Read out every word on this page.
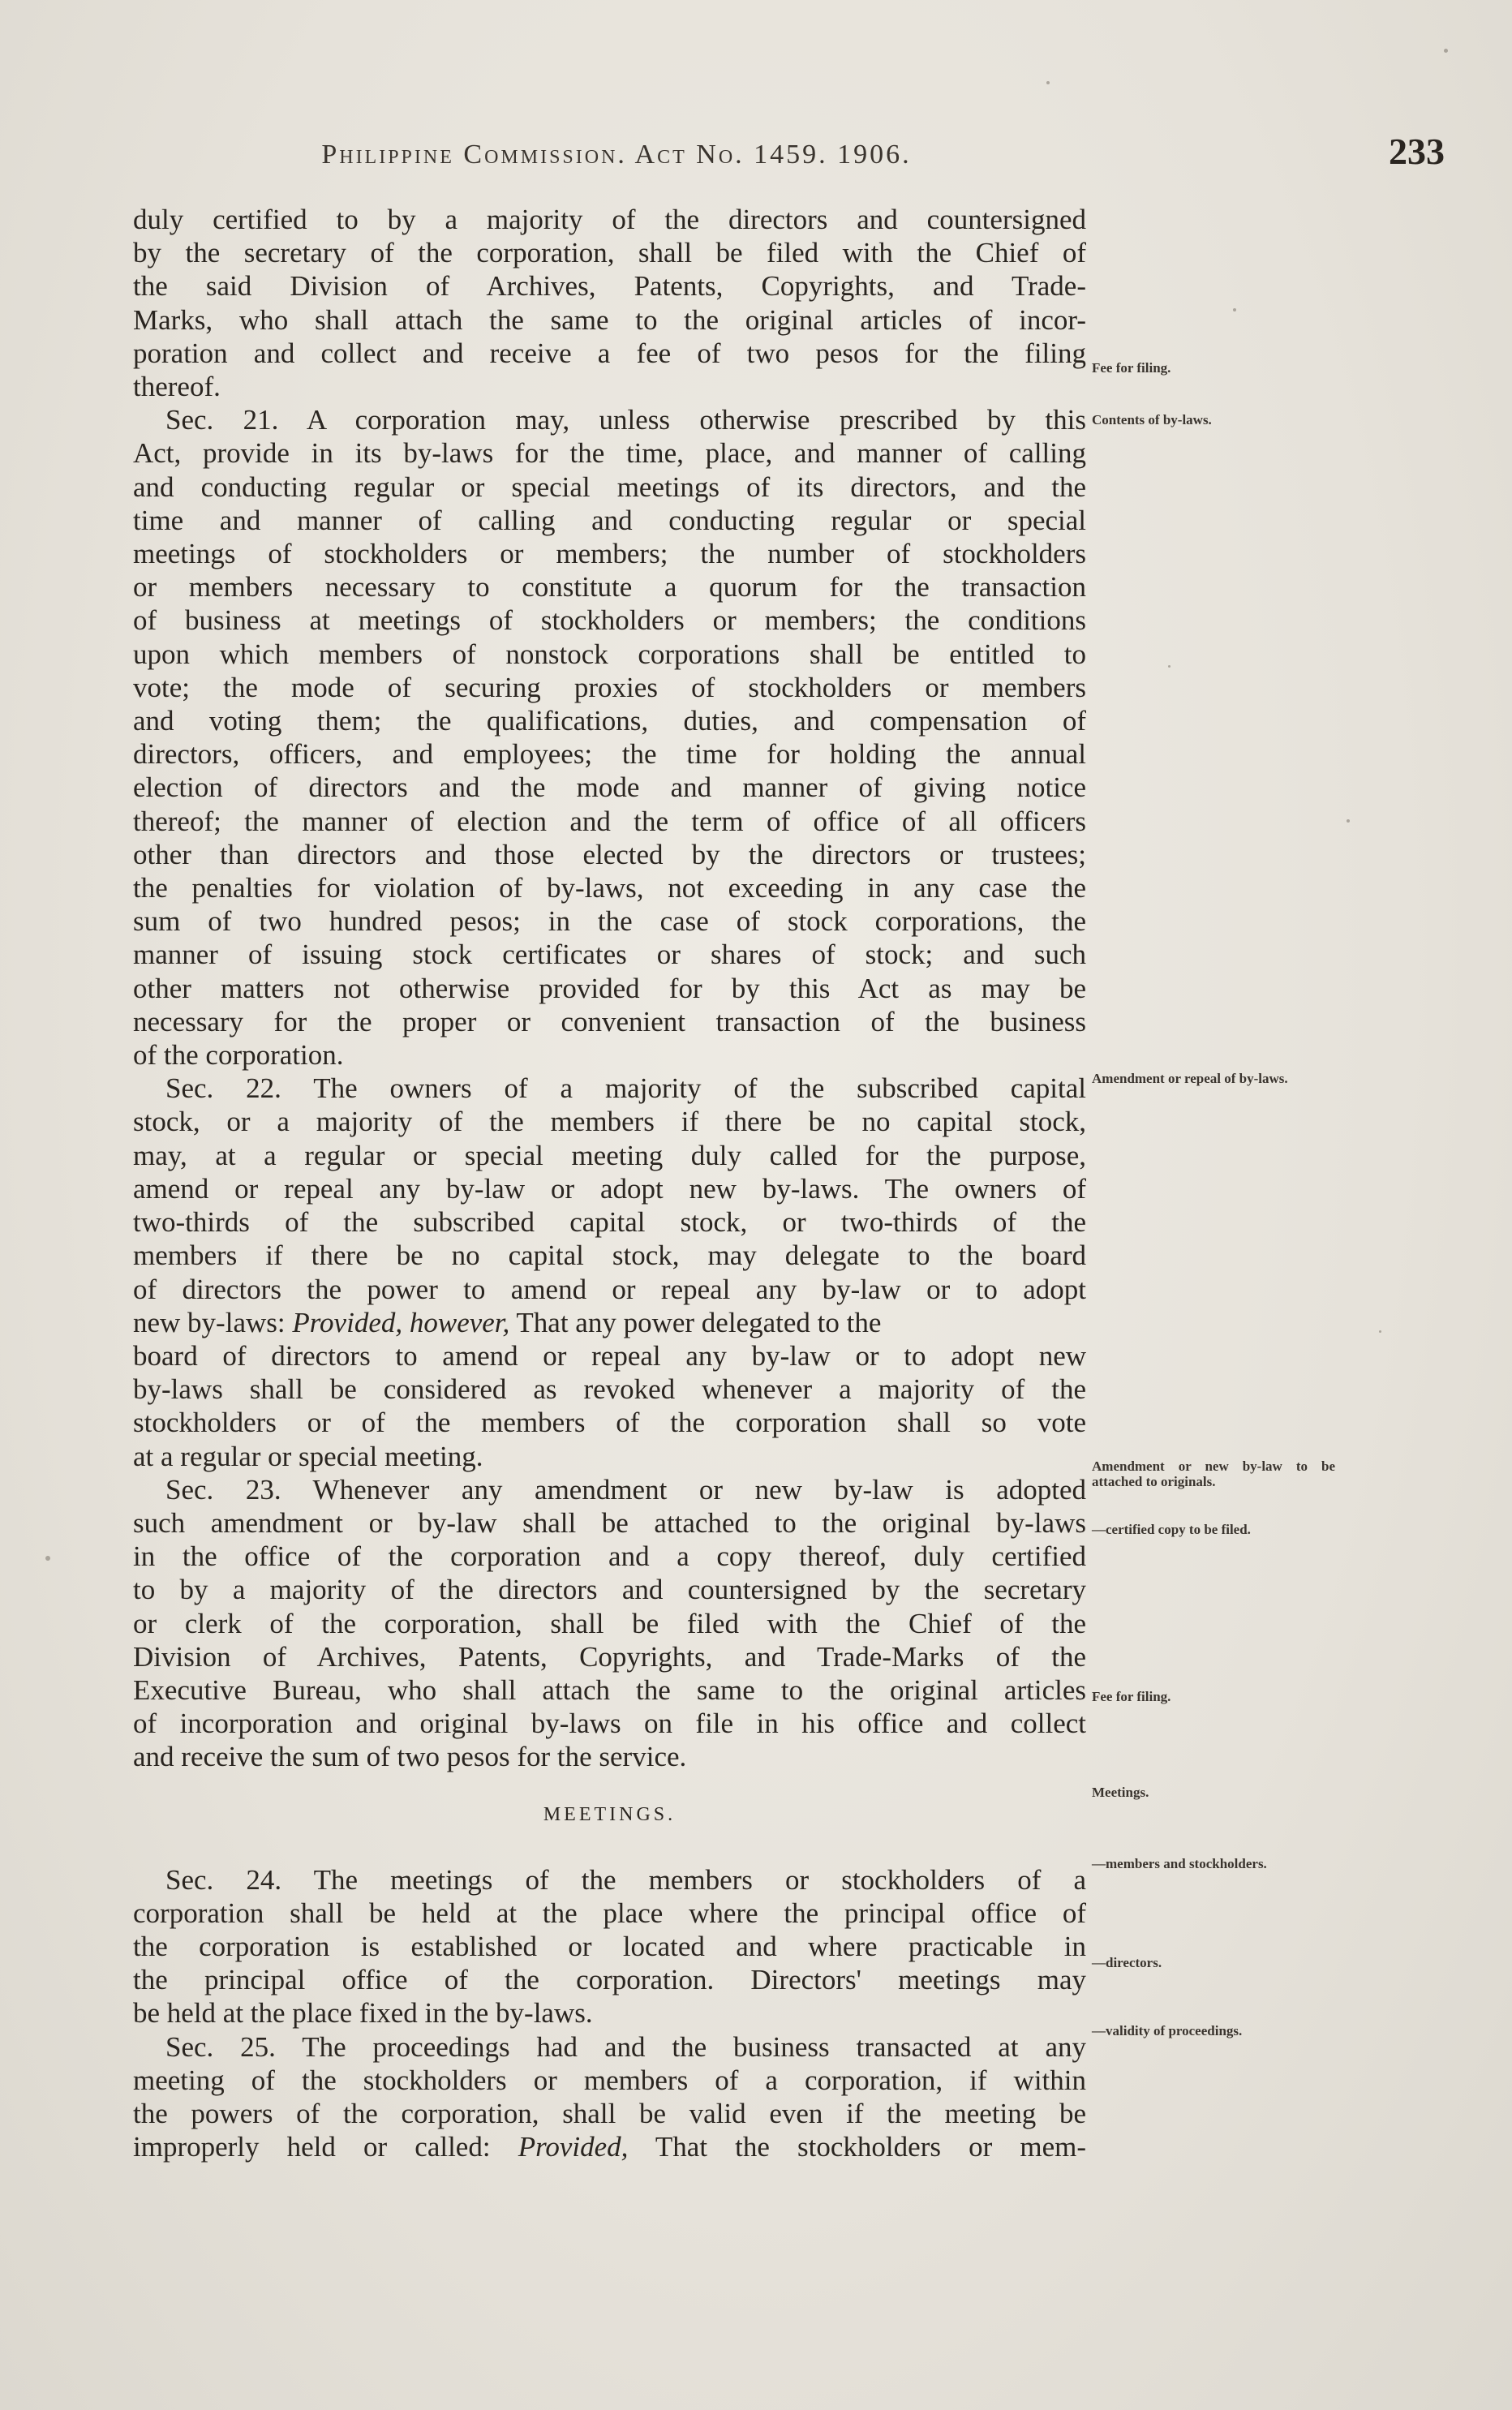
Philippine Commission. Act No. 1459. 1906.	233
duly certified to by a majority of the directors and countersigned
by the secretary of the corporation, shall be filed with the Chief of
the said Division of Archives, Patents, Copyrights, and Trade-
Marks, who shall attach the same to the original articles of incor-
poration and collect and receive a fee of two pesos for the filing
thereof.
Sec. 21. A corporation may, unless otherwise prescribed by this
Act, provide in its by-laws for the time, place, and manner of calling
and conducting regular or special meetings of its directors, and the
time and manner of calling and conducting regular or special
meetings of stockholders or members; the number of stockholders
or members necessary to constitute a quorum for the transaction
of business at meetings of stockholders or members; the conditions
upon which members of nonstock corporations shall be entitled to
vote; the mode of securing proxies of stockholders or members
and voting them; the qualifications, duties, and compensation of
directors, officers, and employees; the time for holding the annual
election of directors and the mode and manner of giving notice
thereof; the manner of election and the term of office of all officers
other than directors and those elected by the directors or trustees;
the penalties for violation of by-laws, not exceeding in any case the
sum of two hundred pesos; in the case of stock corporations, the
manner of issuing stock certificates or shares of stock; and such
other matters not otherwise provided for by this Act as may be
necessary for the proper or convenient transaction of the business
of the corporation.
Sec. 22. The owners of a majority of the subscribed capital
stock, or a majority of the members if there be no capital stock,
may, at a regular or special meeting duly called for the purpose,
amend or repeal any by-law or adopt new by-laws. The owners of
two-thirds of the subscribed capital stock, or two-thirds of the
members if there be no capital stock, may delegate to the board
of directors the power to amend or repeal any by-law or to adopt
new by-laws: Provided, however, That any power delegated to the
board of directors to amend or repeal any by-law or to adopt new
by-laws shall be considered as revoked whenever a majority of the
stockholders or of the members of the corporation shall so vote
at a regular or special meeting.
Sec. 23. Whenever any amendment or new by-law is adopted
such amendment or by-law shall be attached to the original by-laws
in the office of the corporation and a copy thereof, duly certified
to by a majority of the directors and countersigned by the secretary
or clerk of the corporation, shall be filed with the Chief of the
Division of Archives, Patents, Copyrights, and Trade-Marks of the
Executive Bureau, who shall attach the same to the original articles
of incorporation and original by-laws on file in his office and collect
and receive the sum of two pesos for the service.
MEETINGS.
Sec. 24. The meetings of the members or stockholders of a
corporation shall be held at the place where the principal office of
the corporation is established or located and where practicable in
the principal office of the corporation. Directors' meetings may
be held at the place fixed in the by-laws.
Sec. 25. The proceedings had and the business transacted at any
meeting of the stockholders or members of a corporation, if within
the powers of the corporation, shall be valid even if the meeting be
improperly held or called: Provided, That the stockholders or mem-
Fee for filing.
Contents of by-laws.
Amendment or repeal of by-laws.
Amendment or new by-law to be attached to originals.
—certified copy to be filed.
Fee for filing.
Meetings.
—members and stockholders.
—directors.
—validity of proceedings.
